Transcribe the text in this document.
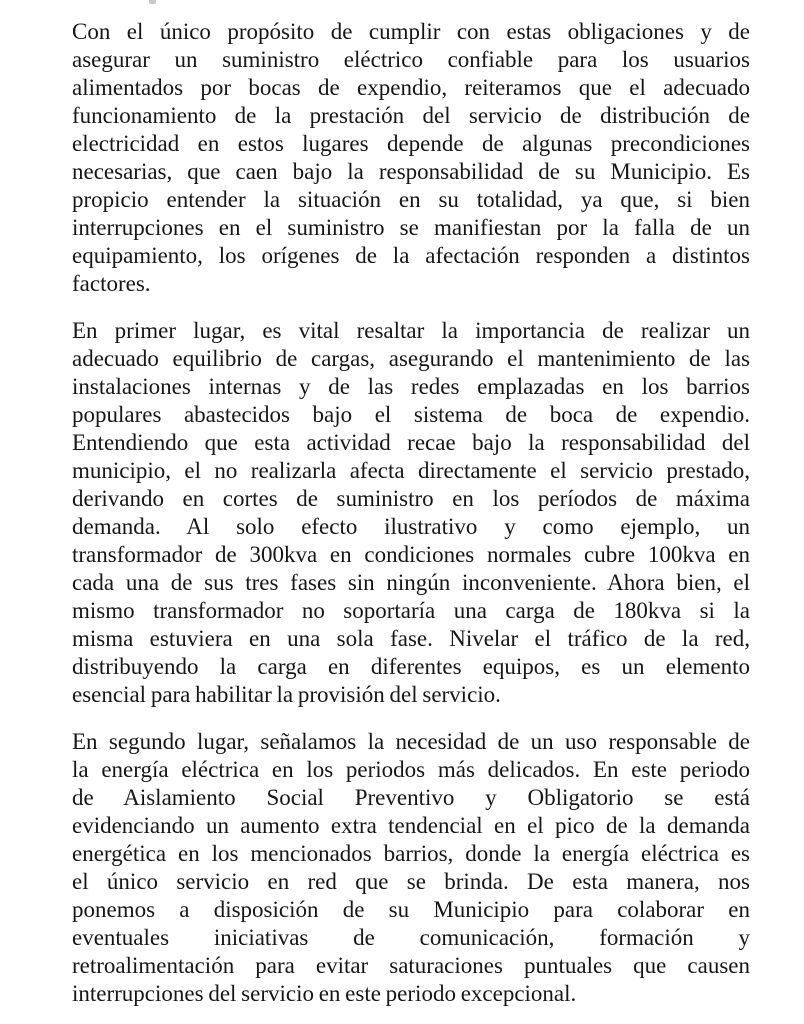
Con el único propósito de cumplir con estas obligaciones y de
asegurar un suministro eléctrico confiable para los usuarios
alimentados por bocas de expendio, reiteramos que el adecuado
funcionamiento de la prestación del servicio de distribución de
electricidad en estos lugares depende de algunas precondiciones
necesarias, que caen bajo la responsabilidad de su Municipio. Es
propicio entender la situación en su totalidad, ya que, si bien
interrupciones en el suministro se manifiestan por la falla de un
equipamiento, los orígenes de la afectación responden a distintos
factores.

En primer lugar, es vital resaltar la importancia de realizar un
adecuado equilibrio de cargas, asegurando el mantenimiento de las
instalaciones internas y de las redes emplazadas en los barrios
populares abastecidos bajo el sistema de boca de expendio.
Entendiendo que esta actividad recae bajo la responsabilidad del
municipio, el no realizarla afecta directamente el servicio prestado,
derivando en cortes de suministro en los períodos de máxima
demanda. Al solo efecto ilustrativo y como ejemplo, un
transformador de 300kva en condiciones normales cubre 100kva en
cada una de sus tres fases sin ningún inconveniente. Ahora bien, el
mismo transformador no soportaría una carga de 180kva si la
misma estuviera en una sola fase. Nivelar el tráfico de la red,
distribuyendo la carga en diferentes equipos, es un elemento
esencial para habilitar la provisión del servicio.

En segundo lugar, señalamos la necesidad de un uso responsable de
la energía eléctrica en los periodos más delicados. En este periodo
de Aislamiento Social Preventivo y Obligatorio se está
evidenciando un aumento extra tendencial en el pico de la demanda
energética en los mencionados barrios, donde la energía eléctrica es
el único servicio en red que se brinda. De esta manera, nos
ponemos a disposición de su Municipio para colaborar en
eventuales iniciativas de comunicación, formación y
retroalimentación para evitar saturaciones puntuales que causen
interrupciones del servicio en este periodo excepcional.
